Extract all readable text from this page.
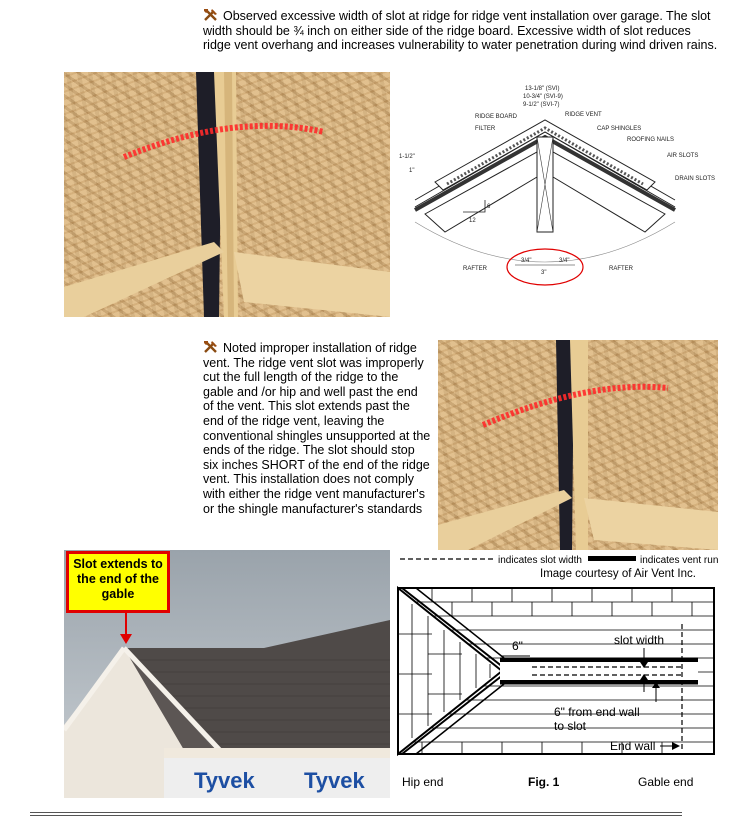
Observed excessive width of slot at ridge for ridge vent installation over garage. The slot width should be ¾ inch on either side of the ridge board. Excessive width of slot reduces ridge vent overhang and increases vulnerability to water penetration during wind driven rains.
13-1/8" (SVI)
10-3/4" (SVI-9)
9-1/2" (SVI-7)
RIDGE BOARD	RIDGE VENT
FILTER	CAP SHINGLES
ROOFING NAILS
AIR SLOTS
DRAIN SLOTS
1-1/2"
1"
6
12
RAFTER	RAFTER
3/4"	3/4"
3"
Noted improper installation of ridge vent. The ridge vent slot was improperly cut the full length of the ridge to the gable and /or hip and well past the end of the vent. This slot extends past the end of the ridge vent, leaving the conventional shingles unsupported at the ends of the ridge. The slot should stop six inches SHORT of the end of the ridge vent. This installation does not comply with either the ridge vent manufacturer's or the shingle manufacturer's standards
Tyvek Tyvek
Slot extends to the end of the gable
indicates slot width	indicates vent run
Image courtesy of Air Vent Inc.
6"	slot width
6" from end wall
to slot
End wall
Hip end	Fig. 1	Gable end
